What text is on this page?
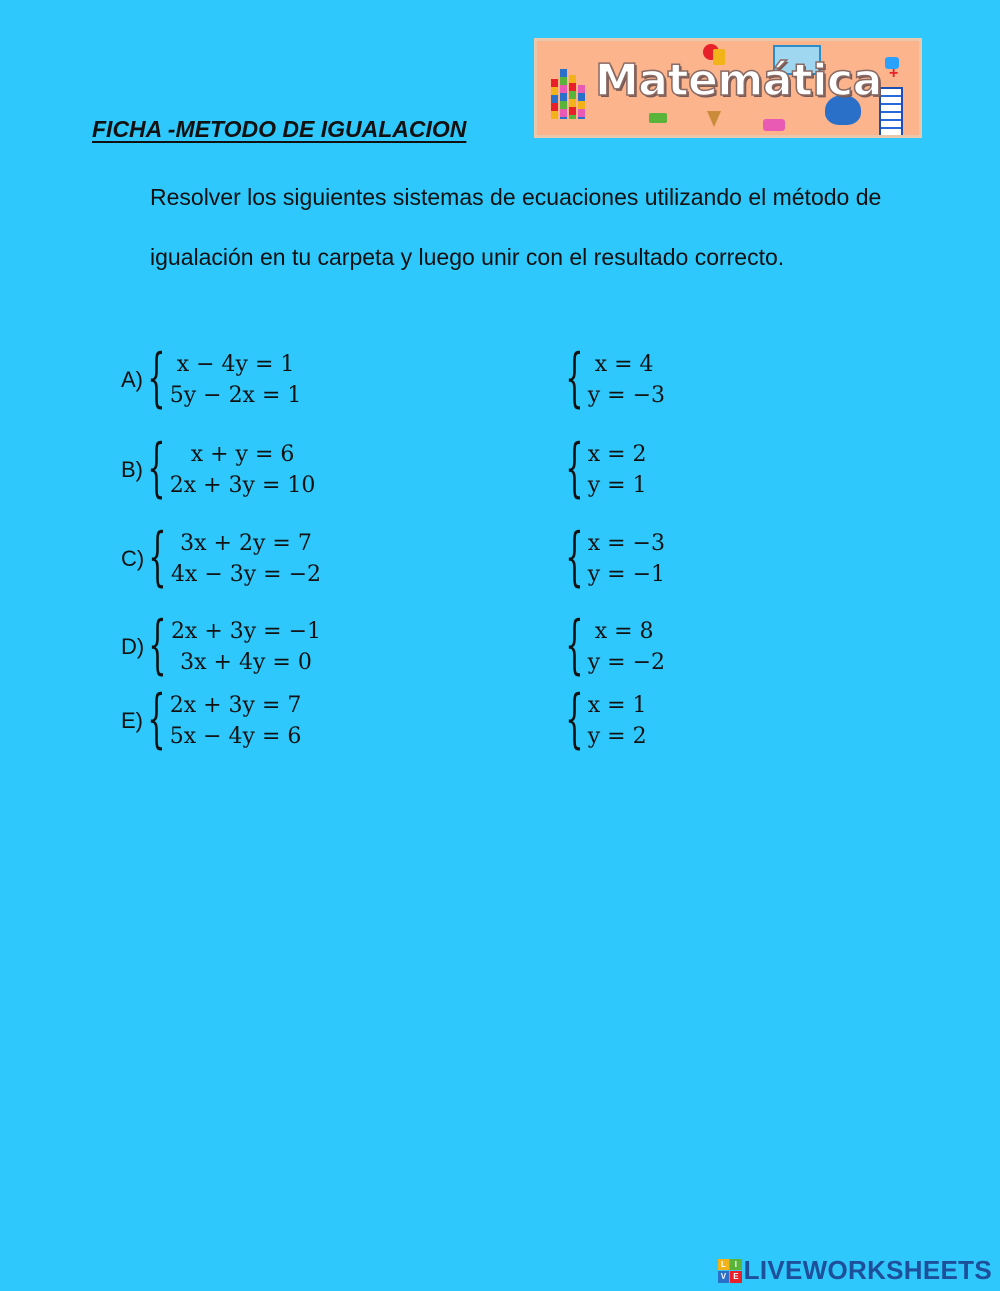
+
Matemática
FICHA -METODO DE IGUALACION

Resolver los siguientes sistemas de ecuaciones utilizando el método de igualación en tu carpeta y luego unir con el resultado correcto.

A) { x − 4y = 1
5y − 2x = 1
B) {	x + y = 6
2x + 3y = 10
C) { 3x + 2y = 7
4x − 3y = −2
D) { 2x + 3y = −1
3x + 4y = 0
E) { 2x + 3y = 7
5x − 4y = 6
{ x = 4
y = −3
{ x = 2
y = 1
{ x = −3
y = −1
{ x = 8
y = −2
{ x = 1
y = 2
L	I
V E LIVEWORKSHEETS
